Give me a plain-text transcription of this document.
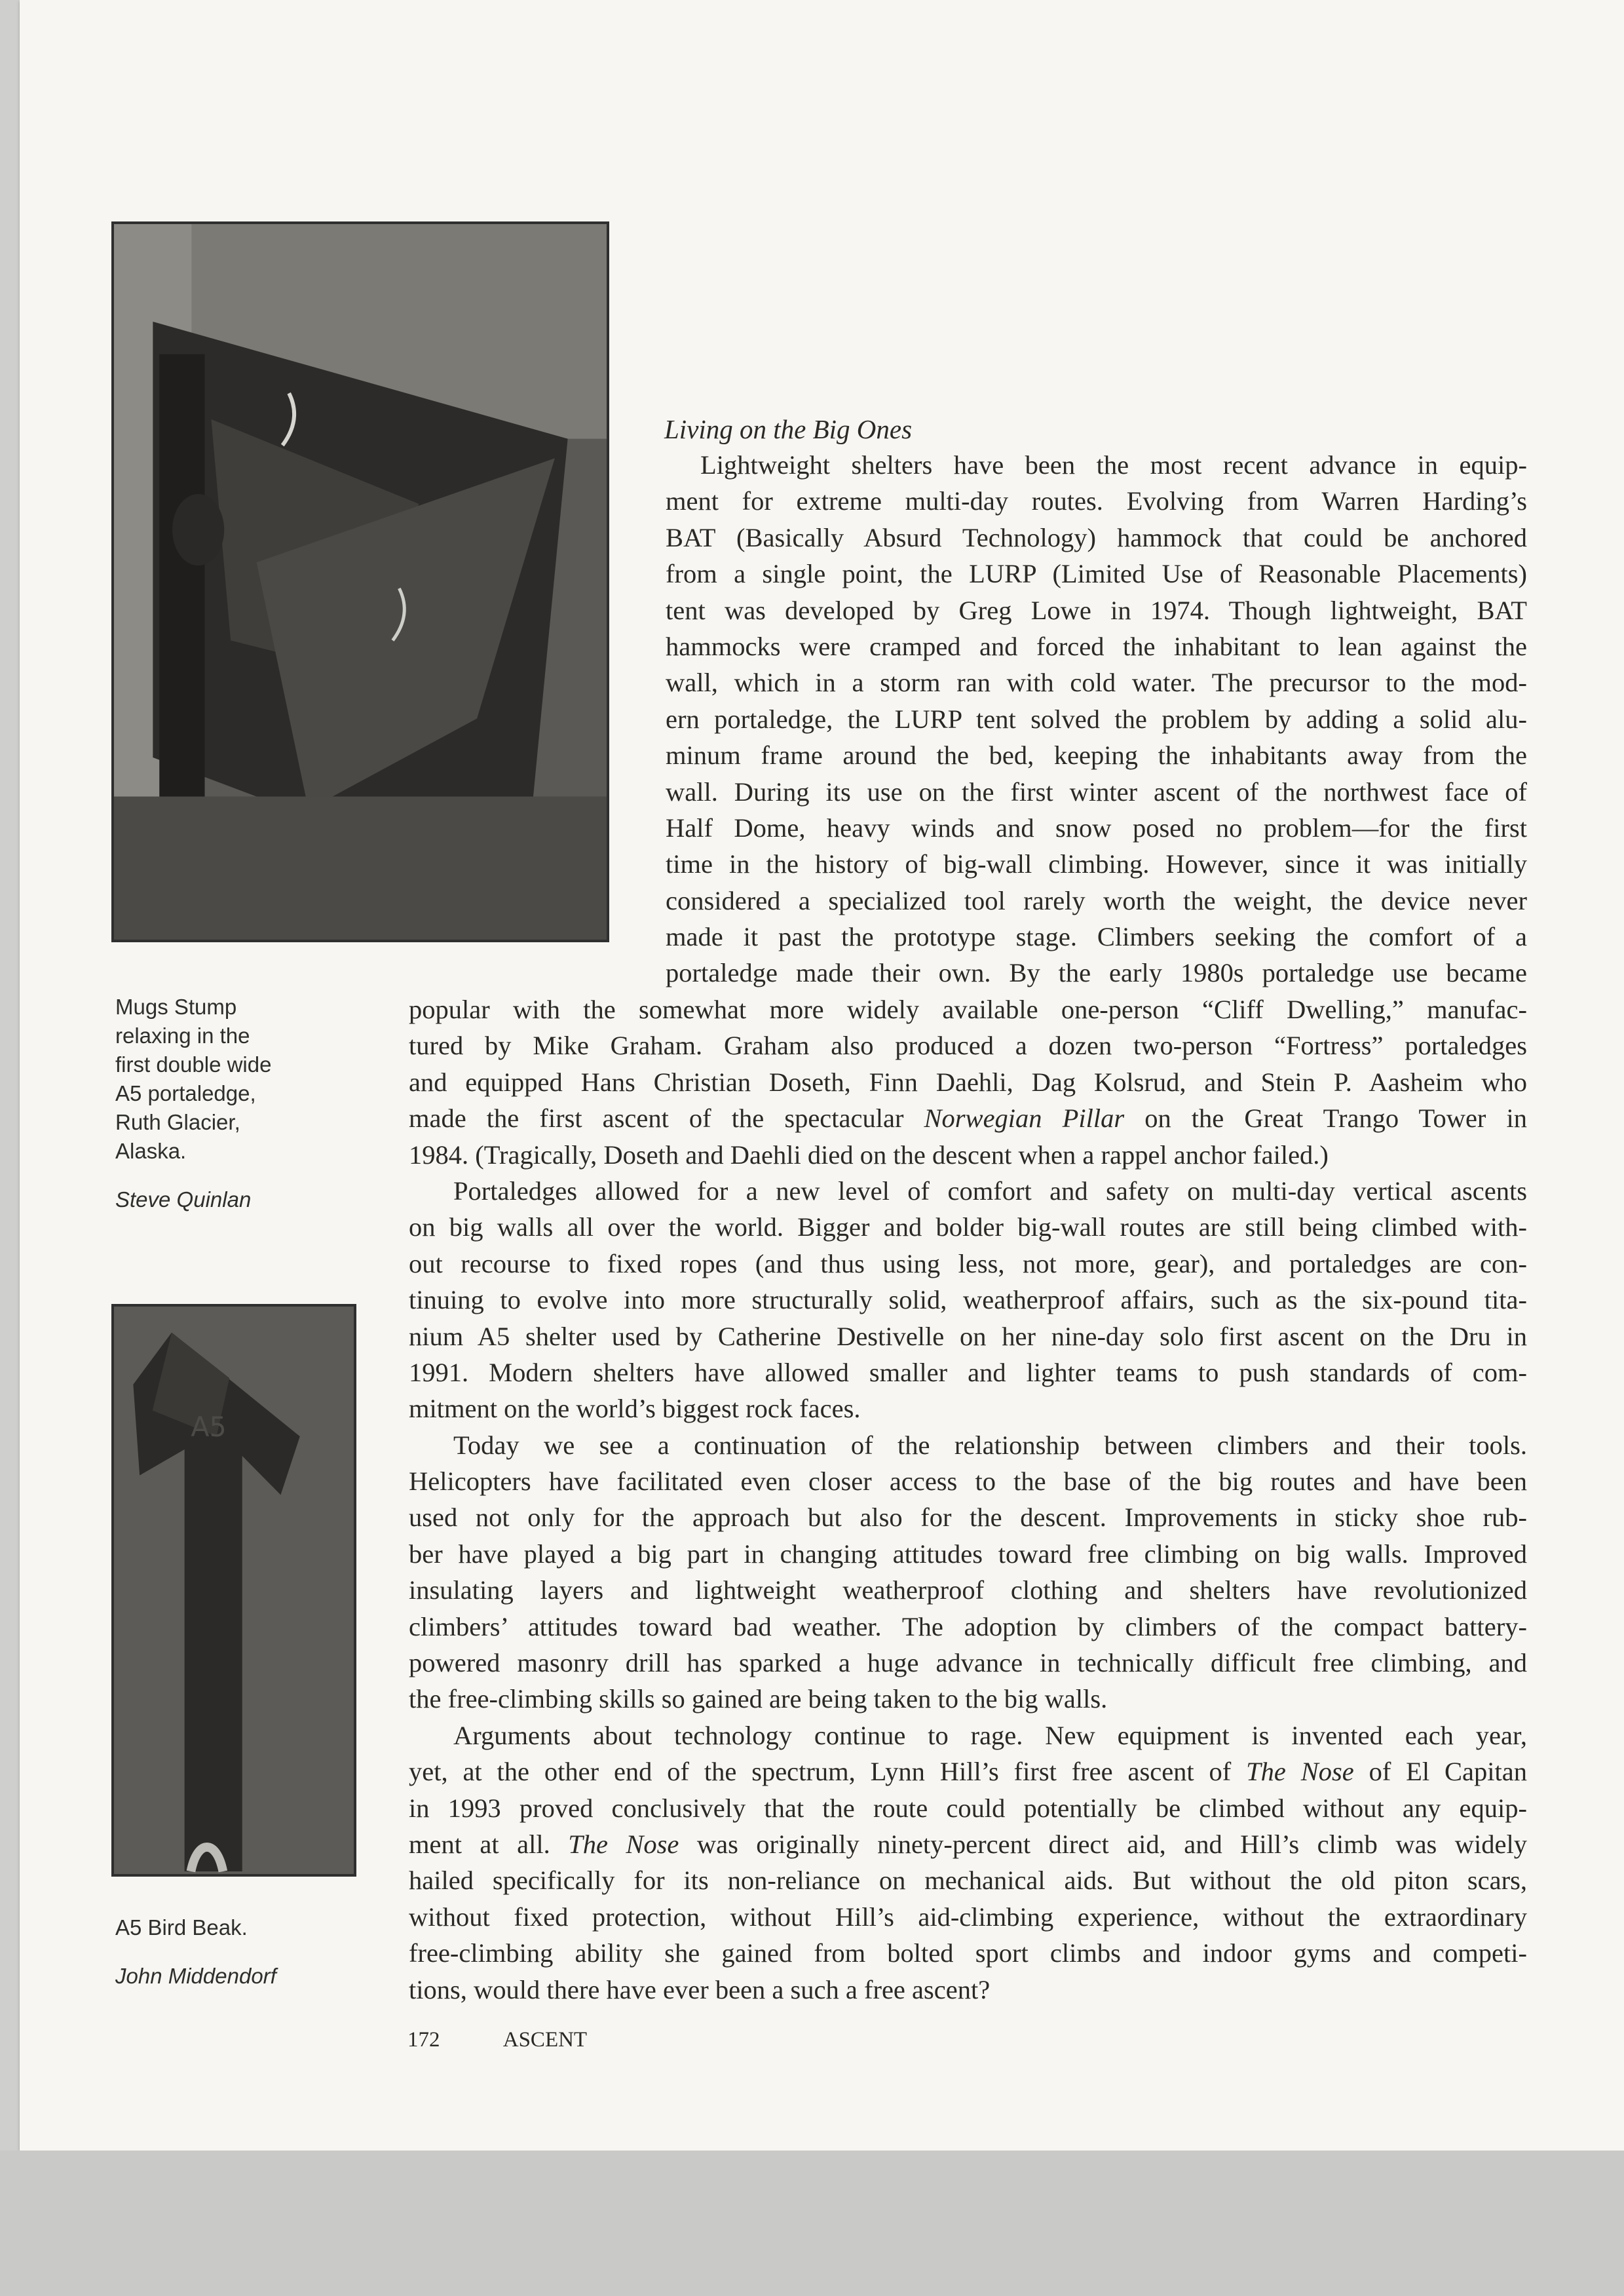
Mugs Stump
relaxing in the
first double wide
A5 portaledge,
Ruth Glacier,
Alaska.
Steve Quinlan
A5
A5 Bird Beak.
John Middendorf
Living on the Big Ones
Lightweight shelters have been the most recent advance in equip-
ment for extreme multi-day routes. Evolving from Warren Harding’s
BAT (Basically Absurd Technology) hammock that could be anchored
from a single point, the LURP (Limited Use of Reasonable Placements)
tent was developed by Greg Lowe in 1974. Though lightweight, BAT
hammocks were cramped and forced the inhabitant to lean against the
wall, which in a storm ran with cold water. The precursor to the mod-
ern portaledge, the LURP tent solved the problem by adding a solid alu-
minum frame around the bed, keeping the inhabitants away from the
wall. During its use on the first winter ascent of the northwest face of
Half Dome, heavy winds and snow posed no problem—for the first
time in the history of big-wall climbing. However, since it was initially
considered a specialized tool rarely worth the weight, the device never
made it past the prototype stage. Climbers seeking the comfort of a
portaledge made their own. By the early 1980s portaledge use became
popular with the somewhat more widely available one-person “Cliff Dwelling,” manufac-
tured by Mike Graham. Graham also produced a dozen two-person “Fortress” portaledges
and equipped Hans Christian Doseth, Finn Daehli, Dag Kolsrud, and Stein P. Aasheim who
made the first ascent of the spectacular Norwegian Pillar on the Great Trango Tower in
1984. (Tragically, Doseth and Daehli died on the descent when a rappel anchor failed.)
Portaledges allowed for a new level of comfort and safety on multi-day vertical ascents
on big walls all over the world. Bigger and bolder big-wall routes are still being climbed with-
out recourse to fixed ropes (and thus using less, not more, gear), and portaledges are con-
tinuing to evolve into more structurally solid, weatherproof affairs, such as the six-pound tita-
nium A5 shelter used by Catherine Destivelle on her nine-day solo first ascent on the Dru in
1991. Modern shelters have allowed smaller and lighter teams to push standards of com-
mitment on the world’s biggest rock faces.
Today we see a continuation of the relationship between climbers and their tools.
Helicopters have facilitated even closer access to the base of the big routes and have been
used not only for the approach but also for the descent. Improvements in sticky shoe rub-
ber have played a big part in changing attitudes toward free climbing on big walls. Improved
insulating layers and lightweight weatherproof clothing and shelters have revolutionized
climbers’ attitudes toward bad weather. The adoption by climbers of the compact battery-
powered masonry drill has sparked a huge advance in technically difficult free climbing, and
the free-climbing skills so gained are being taken to the big walls.
Arguments about technology continue to rage. New equipment is invented each year,
yet, at the other end of the spectrum, Lynn Hill’s first free ascent of The Nose of El Capitan
in 1993 proved conclusively that the route could potentially be climbed without any equip-
ment at all. The Nose was originally ninety-percent direct aid, and Hill’s climb was widely
hailed specifically for its non-reliance on mechanical aids. But without the old piton scars,
without fixed protection, without Hill’s aid-climbing experience, without the extraordinary
free-climbing ability she gained from bolted sport climbs and indoor gyms and competi-
tions, would there have ever been a such a free ascent?
172	ASCENT
